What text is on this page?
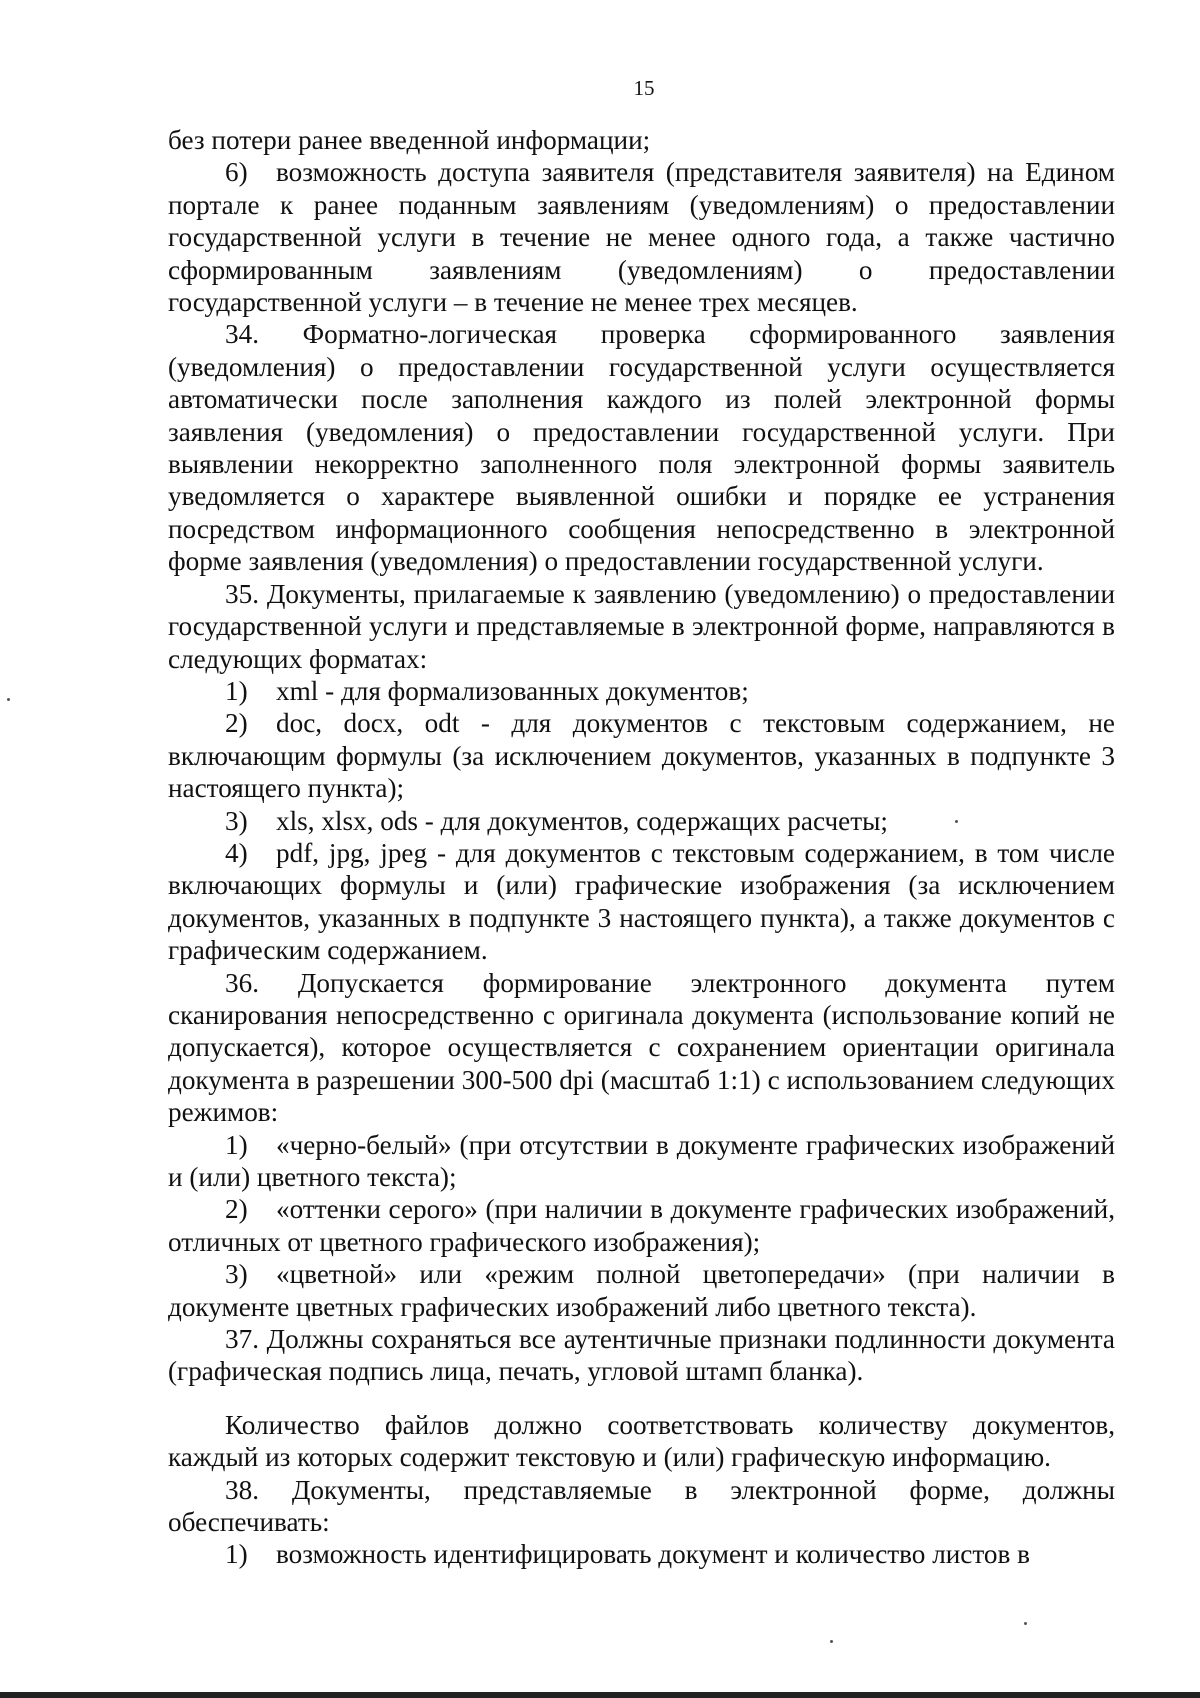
15

без потери ранее введенной информации;

6) возможность доступа заявителя (представителя заявителя) на Едином портале к ранее поданным заявлениям (уведомлениям) о предоставлении государственной услуги в течение не менее одного года, а также частично сформированным заявлениям (уведомлениям) о предоставлении государственной услуги – в течение не менее трех месяцев.

34. Форматно-логическая проверка сформированного заявления (уведомления) о предоставлении государственной услуги осуществляется автоматически после заполнения каждого из полей электронной формы заявления (уведомления) о предоставлении государственной услуги. При выявлении некорректно заполненного поля электронной формы заявитель уведомляется о характере выявленной ошибки и порядке ее устранения посредством информационного сообщения непосредственно в электронной форме заявления (уведомления) о предоставлении государственной услуги.

35. Документы, прилагаемые к заявлению (уведомлению) о предоставлении государственной услуги и представляемые в электронной форме, направляются в следующих форматах:

1) xml - для формализованных документов;

2) doc, docx, odt - для документов с текстовым содержанием, не включающим формулы (за исключением документов, указанных в подпункте 3 настоящего пункта);

3) xls, xlsx, ods - для документов, содержащих расчеты;

4) pdf, jpg, jpeg - для документов с текстовым содержанием, в том числе включающих формулы и (или) графические изображения (за исключением документов, указанных в подпункте 3 настоящего пункта), а также документов с графическим содержанием.

36. Допускается формирование электронного документа путем сканирования непосредственно с оригинала документа (использование копий не допускается), которое осуществляется с сохранением ориентации оригинала документа в разрешении 300-500 dpi (масштаб 1:1) с использованием следующих режимов:

1) «черно-белый» (при отсутствии в документе графических изображений и (или) цветного текста);

2) «оттенки серого» (при наличии в документе графических изображений, отличных от цветного графического изображения);

3) «цветной» или «режим полной цветопередачи» (при наличии в документе цветных графических изображений либо цветного текста).

37. Должны сохраняться все аутентичные признаки подлинности документа (графическая подпись лица, печать, угловой штамп бланка).

Количество файлов должно соответствовать количеству документов, каждый из которых содержит текстовую и (или) графическую информацию.

38. Документы, представляемые в электронной форме, должны обеспечивать:

1) возможность идентифицировать документ и количество листов в
